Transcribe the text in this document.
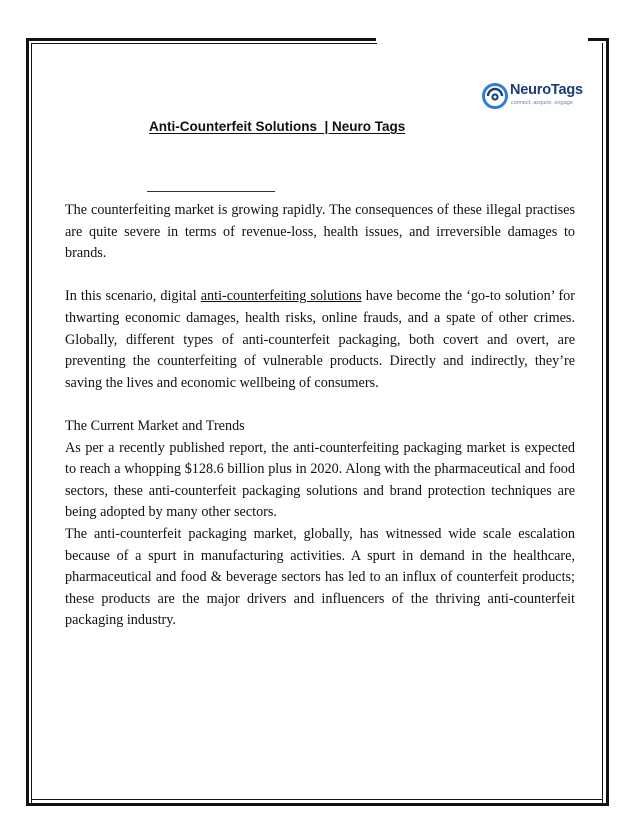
NeuroTags
connect, acquire, engage
Anti-Counterfeit Solutions  | Neuro Tags

The counterfeiting market is growing rapidly. The consequences of these illegal practises are quite severe in terms of revenue-loss, health issues, and irreversible damages to brands.

In this scenario, digital anti-counterfeiting solutions have become the ‘go-to solution’ for thwarting economic damages, health risks, online frauds, and a spate of other crimes. Globally, different types of anti-counterfeit packaging, both covert and overt, are preventing the counterfeiting of vulnerable products. Directly and indirectly, they’re saving the lives and economic wellbeing of consumers.

The Current Market and Trends

As per a recently published report, the anti-counterfeiting packaging market is expected to reach a whopping $128.6 billion plus in 2020. Along with the pharmaceutical and food sectors, these anti-counterfeit packaging solutions and brand protection techniques are being adopted by many other sectors.

The anti-counterfeit packaging market, globally, has witnessed wide scale escalation because of a spurt in manufacturing activities. A spurt in demand in the healthcare, pharmaceutical and food & beverage sectors has led to an influx of counterfeit products; these products are the major drivers and influencers of the thriving anti-counterfeit packaging industry.
